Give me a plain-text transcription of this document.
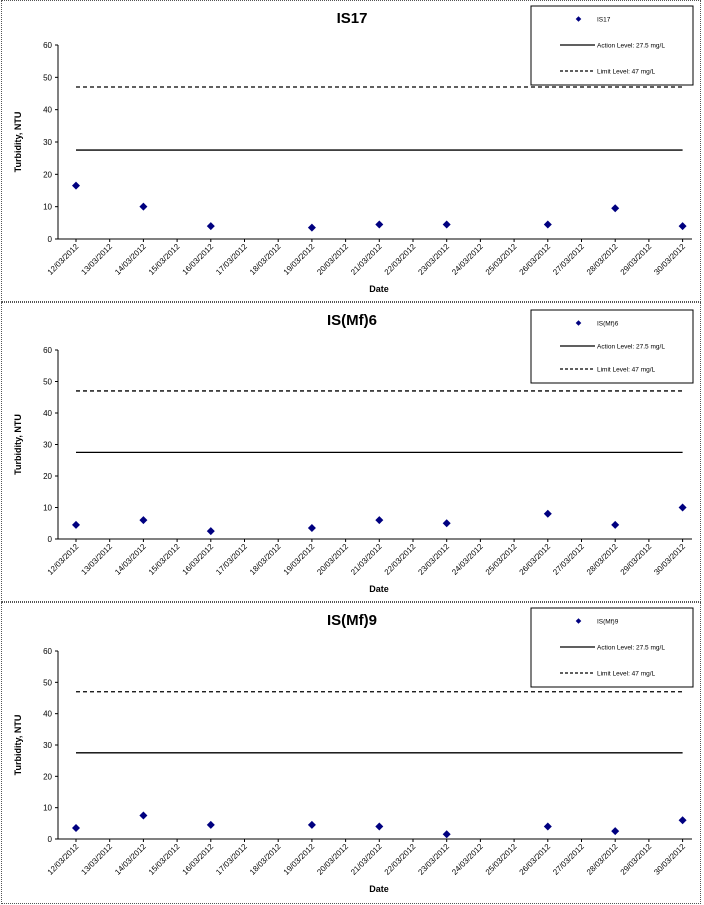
IS17
0
10
20
30
40
50
60
12/03/2012 13/03/2012 14/03/2012 15/03/2012 16/03/2012 17/03/2012 18/03/2012 19/03/2012 20/03/2012 21/03/2012 22/03/2012 23/03/2012 24/03/2012 25/03/2012 26/03/2012 27/03/2012 28/03/2012 29/03/2012 30/03/2012
Date
Turbidity, NTU
IS17
Action Level: 27.5 mg/L
Limit Level: 47 mg/L
IS(Mf)6
0
10
20
30
40
50
60
12/03/2012 13/03/2012 14/03/2012 15/03/2012 16/03/2012 17/03/2012 18/03/2012 19/03/2012 20/03/2012 21/03/2012 22/03/2012 23/03/2012 24/03/2012 25/03/2012 26/03/2012 27/03/2012 28/03/2012 29/03/2012 30/03/2012
Date
Turbidity, NTU
IS(Mf)6
Action Level: 27.5 mg/L
Limit Level: 47 mg/L
IS(Mf)9
0
10
20
30
40
50
60
12/03/2012 13/03/2012 14/03/2012 15/03/2012 16/03/2012 17/03/2012 18/03/2012 19/03/2012 20/03/2012 21/03/2012 22/03/2012 23/03/2012 24/03/2012 25/03/2012 26/03/2012 27/03/2012 28/03/2012 29/03/2012 30/03/2012
Date
Turbidity, NTU
IS(Mf)9
Action Level: 27.5 mg/L
Limit Level: 47 mg/L
